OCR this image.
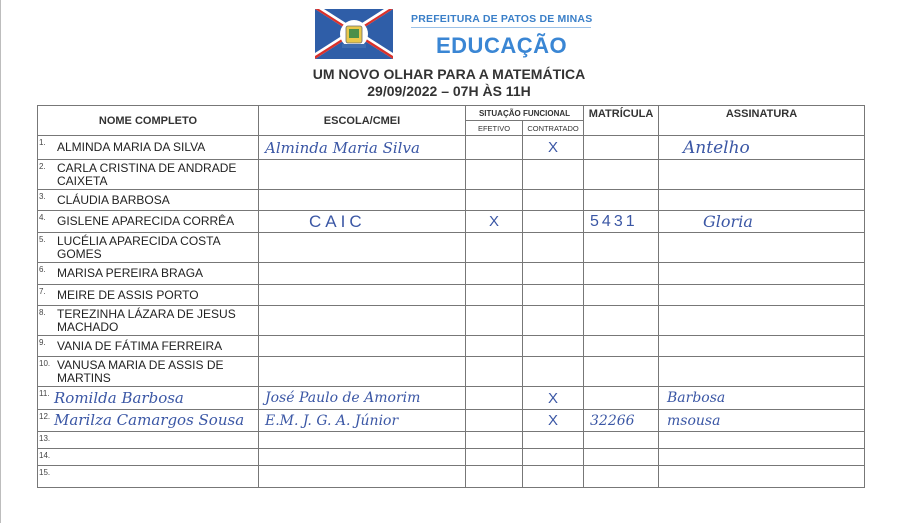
PREFEITURA DE PATOS DE MINAS
EDUCAÇÃO
UM NOVO OLHAR PARA A MATEMÁTICA
29/09/2022 – 07H ÀS 11H
NOME COMPLETO	ESCOLA/CMEI	SITUAÇÃO FUNCIONAL		MATRÍCULA	ASSINATURA
		EFETIVO	CONTRATADO		

1. ALMINDA MARIA DA SILVA	Alminda Maria Silva		X		Antelho

2. CARLA CRISTINA DE ANDRADE CAIXETA					

3. CLÁUDIA BARBOSA					

4. GISLENE APARECIDA CORRÊA	CAIC	X		5431	Gloria

5. LUCÉLIA APARECIDA COSTA GOMES					

6. MARISA PEREIRA BRAGA					

7. MEIRE DE ASSIS PORTO					

8. TEREZINHA LÁZARA DE JESUS MACHADO					

9. VANIA DE FÁTIMA FERREIRA					

10. VANUSA MARIA DE ASSIS DE MARTINS					

11. Romilda Barbosa	José Paulo de Amorim		X		Barbosa

12. Marilza Camargos Sousa	E.M. J. G. A. Júnior		X	32266	msousa

13.					

14.					

15.					
